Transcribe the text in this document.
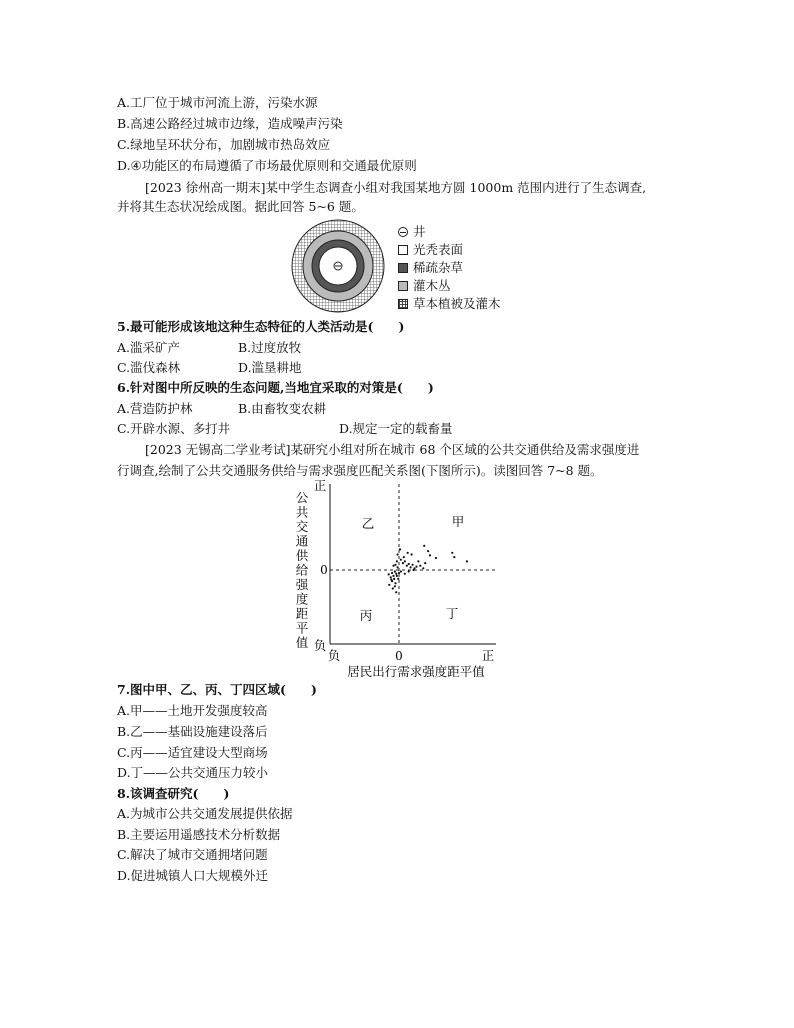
A.工厂位于城市河流上游，污染水源
B.高速公路经过城市边缘，造成噪声污染
C.绿地呈环状分布，加剧城市热岛效应
D.④功能区的布局遵循了市场最优原则和交通最优原则
[2023 徐州高一期末]某中学生态调查小组对我国某地方圆 1000m 范围内进行了生态调查,
并将其生态状况绘成图。据此回答 5~6 题。
井
光秃表面
稀疏杂草
灌木丛
草本植被及灌木
5.最可能形成该地这种生态特征的人类活动是(　　)
A.滥采矿产	B.过度放牧
C.滥伐森林	D.滥垦耕地
6.针对图中所反映的生态问题,当地宜采取的对策是(　　)
A.营造防护林	B.由畜牧变农耕
C.开辟水源、多打井	D.规定一定的载畜量
[2023 无锡高二学业考试]某研究小组对所在城市 68 个区域的公共交通供给及需求强度进
行调查,绘制了公共交通服务供给与需求强度匹配关系图(下图所示)。读图回答 7~8 题。
公共交通供给强度距平值
正
负
0
乙	甲
丙	丁
负	0	正
居民出行需求强度距平值
7.图中甲、乙、丙、丁四区域(　　)
A.甲——土地开发强度较高
B.乙——基础设施建设落后
C.丙——适宜建设大型商场
D.丁——公共交通压力较小
8.该调查研究(　　)
A.为城市公共交通发展提供依据
B.主要运用遥感技术分析数据
C.解决了城市交通拥堵问题
D.促进城镇人口大规模外迁
